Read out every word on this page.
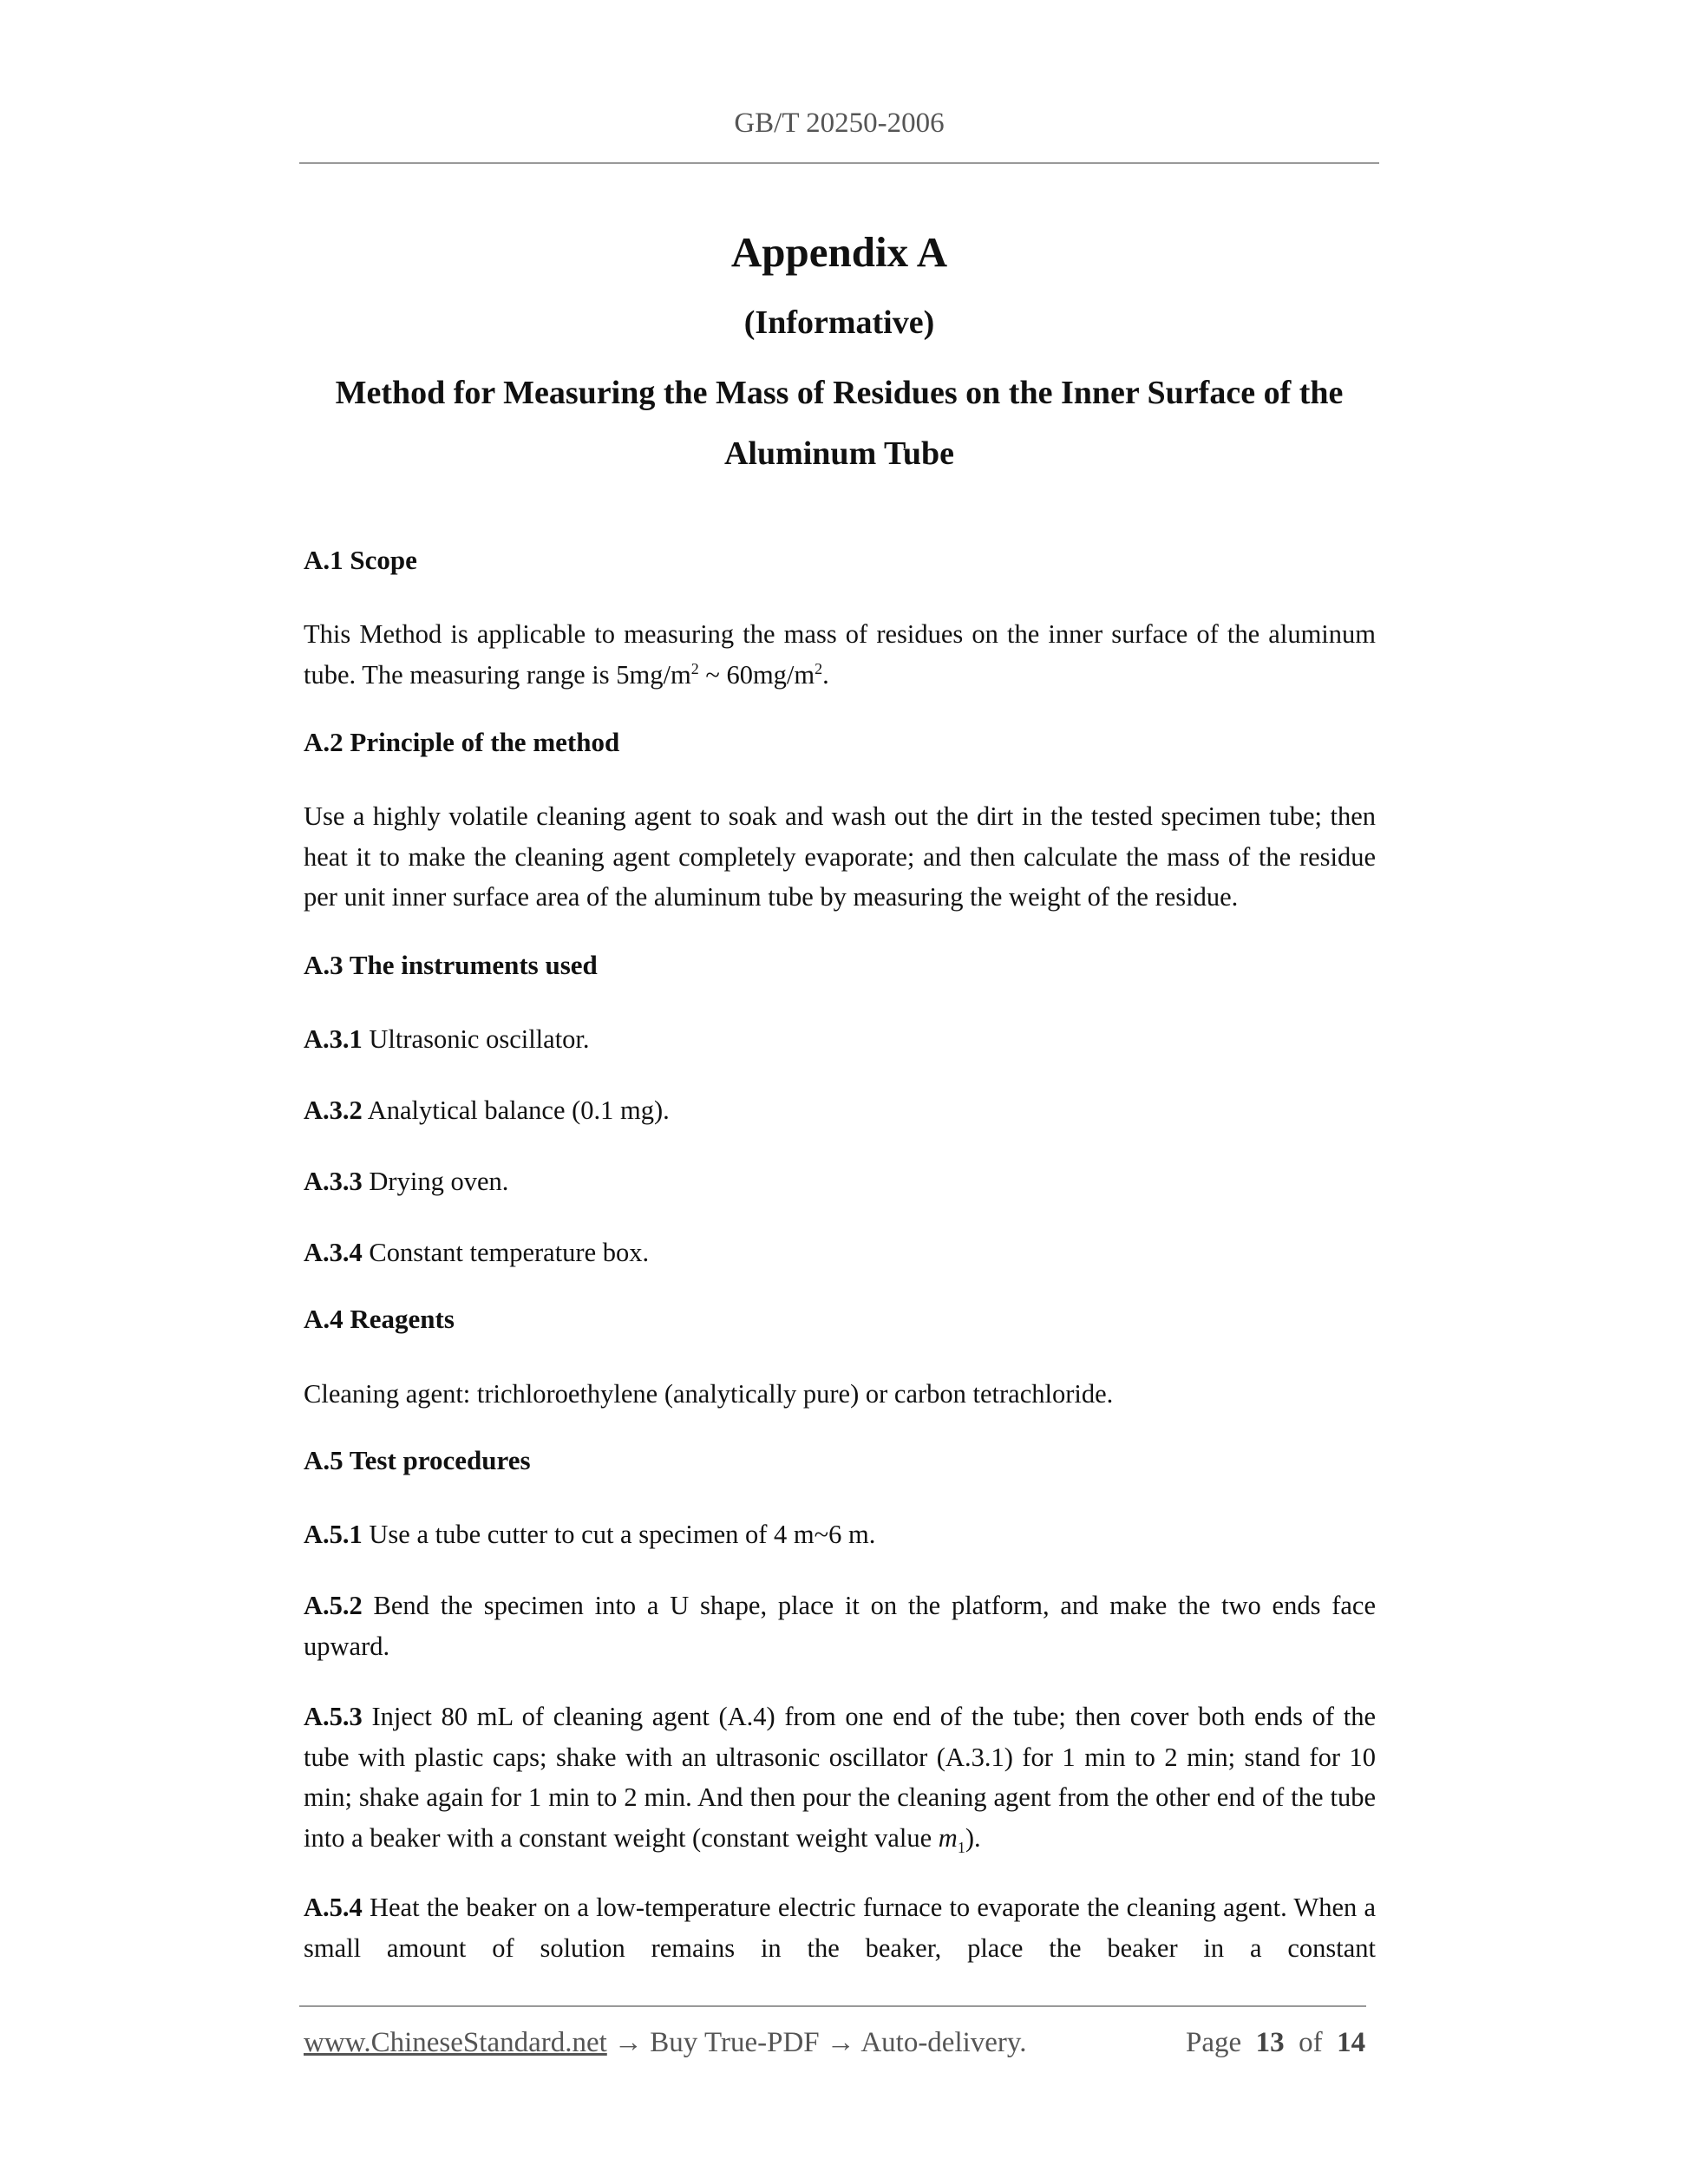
GB/T 20250-2006
Appendix A
(Informative)
Method for Measuring the Mass of Residues on the Inner Surface of the
Aluminum Tube
A.1 Scope

This Method is applicable to measuring the mass of residues on the inner surface of the aluminum tube. The measuring range is $5mg/m^2$ ~ $60mg/m^2$.

A.2 Principle of the method

Use a highly volatile cleaning agent to soak and wash out the dirt in the tested specimen tube; then heat it to make the cleaning agent completely evaporate; and then calculate the mass of the residue per unit inner surface area of the aluminum tube by measuring the weight of the residue.

A.3 The instruments used

A.3.1 Ultrasonic oscillator.

A.3.2 Analytical balance (0.1 mg).

A.3.3 Drying oven.

A.3.4 Constant temperature box.

A.4 Reagents

Cleaning agent: trichloroethylene (analytically pure) or carbon tetrachloride.

A.5 Test procedures

A.5.1 Use a tube cutter to cut a specimen of 4 m~6 m.

A.5.2 Bend the specimen into a U shape, place it on the platform, and make the two ends face upward.

A.5.3 Inject 80 mL of cleaning agent (A.4) from one end of the tube; then cover both ends of the tube with plastic caps; shake with an ultrasonic oscillator (A.3.1) for 1 min to 2 min; stand for 10 min; shake again for 1 min to 2 min. And then pour the cleaning agent from the other end of the tube into a beaker with a constant weight (constant weight value $m_1$).

A.5.4 Heat the beaker on a low-temperature electric furnace to evaporate the cleaning agent. When a small amount of solution remains in the beaker, place the beaker in a constant

www.ChineseStandard.net → Buy True-PDF → Auto-delivery.	Page 13 of 14
